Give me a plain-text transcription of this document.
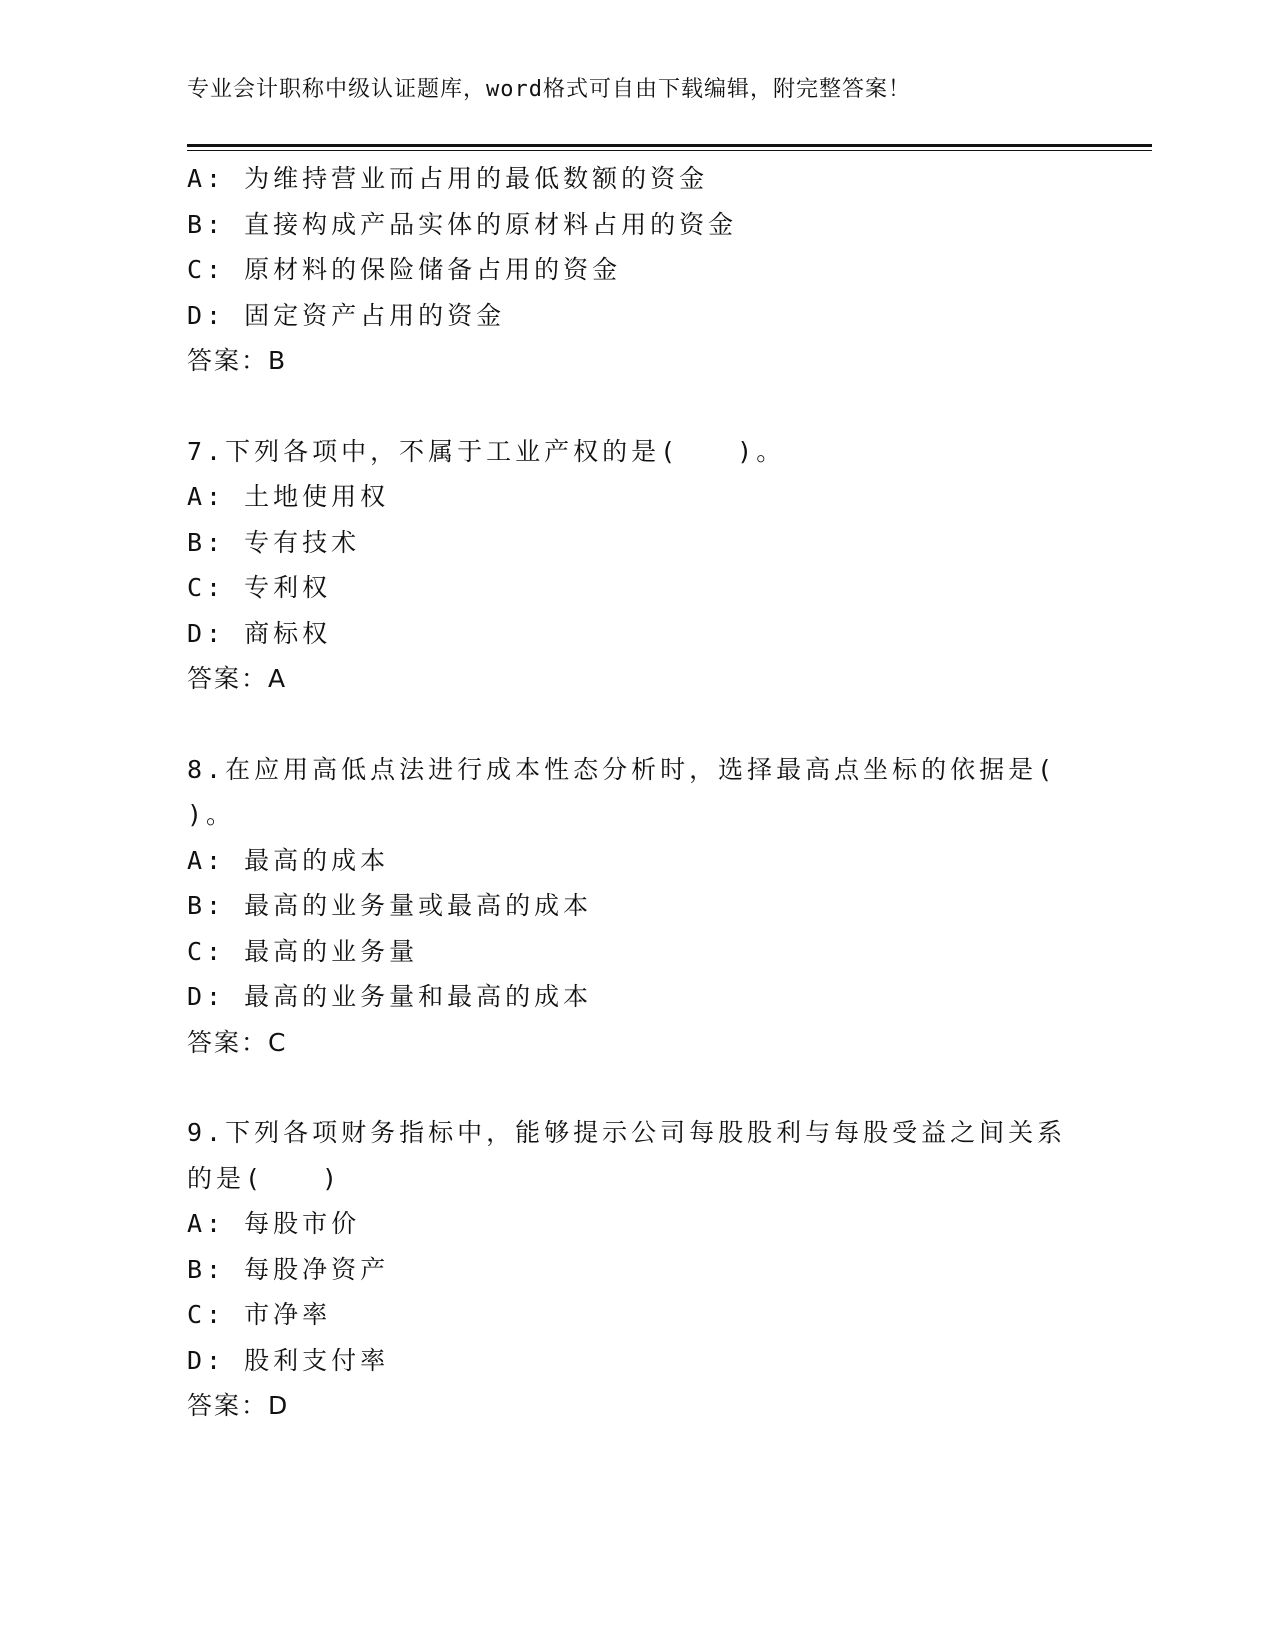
专业会计职称中级认证题库，word格式可自由下载编辑，附完整答案！
A: 为维持营业而占用的最低数额的资金
B: 直接构成产品实体的原材料占用的资金
C: 原材料的保险储备占用的资金
D: 固定资产占用的资金
答案：B
7.下列各项中，不属于工业产权的是(　　)。
A: 土地使用权
B: 专有技术
C: 专利权
D: 商标权
答案：A
8.在应用高低点法进行成本性态分析时，选择最高点坐标的依据是(
)。
A: 最高的成本
B: 最高的业务量或最高的成本
C: 最高的业务量
D: 最高的业务量和最高的成本
答案：C
9.下列各项财务指标中，能够提示公司每股股利与每股受益之间关系
的是(　　)
A: 每股市价
B: 每股净资产
C: 市净率
D: 股利支付率
答案：D
